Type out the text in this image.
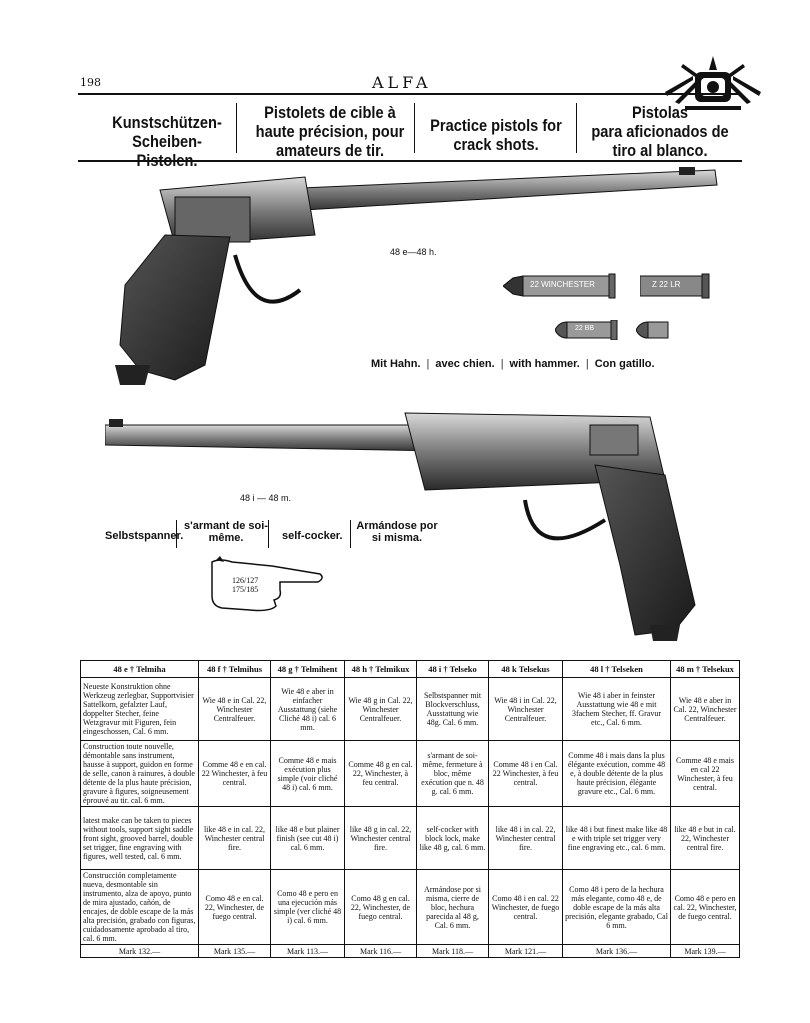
198	ALFA
Kunstschützen-
Scheiben-Pistolen.
Pistolets de cible à
haute précision, pour
amateurs de tir.
Practice pistols for
crack shots.
Pistolas
para aficionados de
tiro al blanco.
48 e—48 h.
22 WINCHESTER	Z 22 LR
22 BB
Mit Hahn. | avec chien. | with hammer. | Con gatillo.
48 i — 48 m.
Selbstspanner.
s'armant de soi-
même.	self-cocker.
Armándose por
si misma.
126/127
175/185
48 e † Telmiha	48 f † Telmihus	48 g † Telmihent	48 h † Telmikux	48 i † Telseko	48 k Telsekus	48 l † Telseken	48 m † Telsekux
Neueste Konstruktion ohne Werkzeug zerlegbar, Supportvisier Sattelkorn, gefalzter Lauf, doppelter Stecher, feine Wetzgravur mit Figuren, fein eingeschossen, Cal. 6 mm.	Wie 48 e in Cal. 22, Winchester Centralfeuer.	Wie 48 e aber in einfacher Ausstattung (siehe Cliché 48 i) cal. 6 mm.	Wie 48 g in Cal. 22, Winchester Centralfeuer.	Selbstspanner mit Blockverschluss, Ausstattung wie 48g. Cal. 6 mm.	Wie 48 i in Cal. 22, Winchester Centralfeuer.	Wie 48 i aber in feinster Ausstattung wie 48 e mit 3fachem Stecher, ff. Gravur etc., Cal. 6 mm.	Wie 48 e aber in Cal. 22, Winchester Centralfeuer.
Construction toute nouvelle, démontable sans instrument, hausse à support, guidon en forme de selle, canon à rainures, à double détente de la plus haute précision, gravure à figures, soigneusement éprouvé au tir. cal. 6 mm.	Comme 48 e en cal. 22 Winchester, à feu central.	Comme 48 e mais exécution plus simple (voir cliché 48 i) cal. 6 mm.	Comme 48 g en cal. 22, Winchester, à feu central.	s'armant de soi-même, fermeture à bloc, même exécution que n. 48 g. cal. 6 mm.	Comme 48 i en Cal. 22 Winchester, à feu central.	Comme 48 i mais dans la plus élégante exécution, comme 48 e, à double détente de la plus haute précision, élégante gravure etc., Cal. 6 mm.	Comme 48 e mais en cal 22 Winchester, à feu central.
latest make can be taken to pieces without tools, support sight saddle front sight, grooved barrel, double set trigger, fine engraving with figures, well tested, cal. 6 mm.	like 48 e in cal. 22, Winchester central fire.	like 48 e but plainer finish (see cut 48 i) cal. 6 mm.	like 48 g in cal. 22, Winchester central fire.	self-cocker with block lock, make like 48 g, cal. 6 mm.	like 48 i in cal. 22, Winchester central fire.	like 48 i but finest make like 48 e with triple set trigger very fine engraving etc., cal. 6 mm.	like 48 e but in cal. 22, Winchester central fire.
Construcción completamente nueva, desmontable sin instrumento, alza de apoyo, punto de mira ajustado, cañón, de encajes, de doble escape de la más alta precisión, grabado con figuras, cuidadosamente aprobado al tiro, cal. 6 mm.	Como 48 e en cal. 22, Winchester, de fuego central.	Como 48 e pero en una ejecución más simple (ver cliché 48 i) cal. 6 mm.	Como 48 g en cal. 22, Winchester, de fuego central.	Armándose por si misma, cierre de bloc, hechura parecida al 48 g, Cal. 6 mm.	Como 48 i en cal. 22 Winchester, de fuego central.	Como 48 i pero de la hechura más elegante, como 48 e, de doble escape de la más alta precisión, elegante grabado, Cal 6 mm.	Como 48 e pero en cal. 22, Winchester, de fuego central.
Mark 132.—	Mark 135.—	Mark 113.—	Mark 116.—	Mark 118.—	Mark 121.—	Mark 136.—	Mark 139.—
